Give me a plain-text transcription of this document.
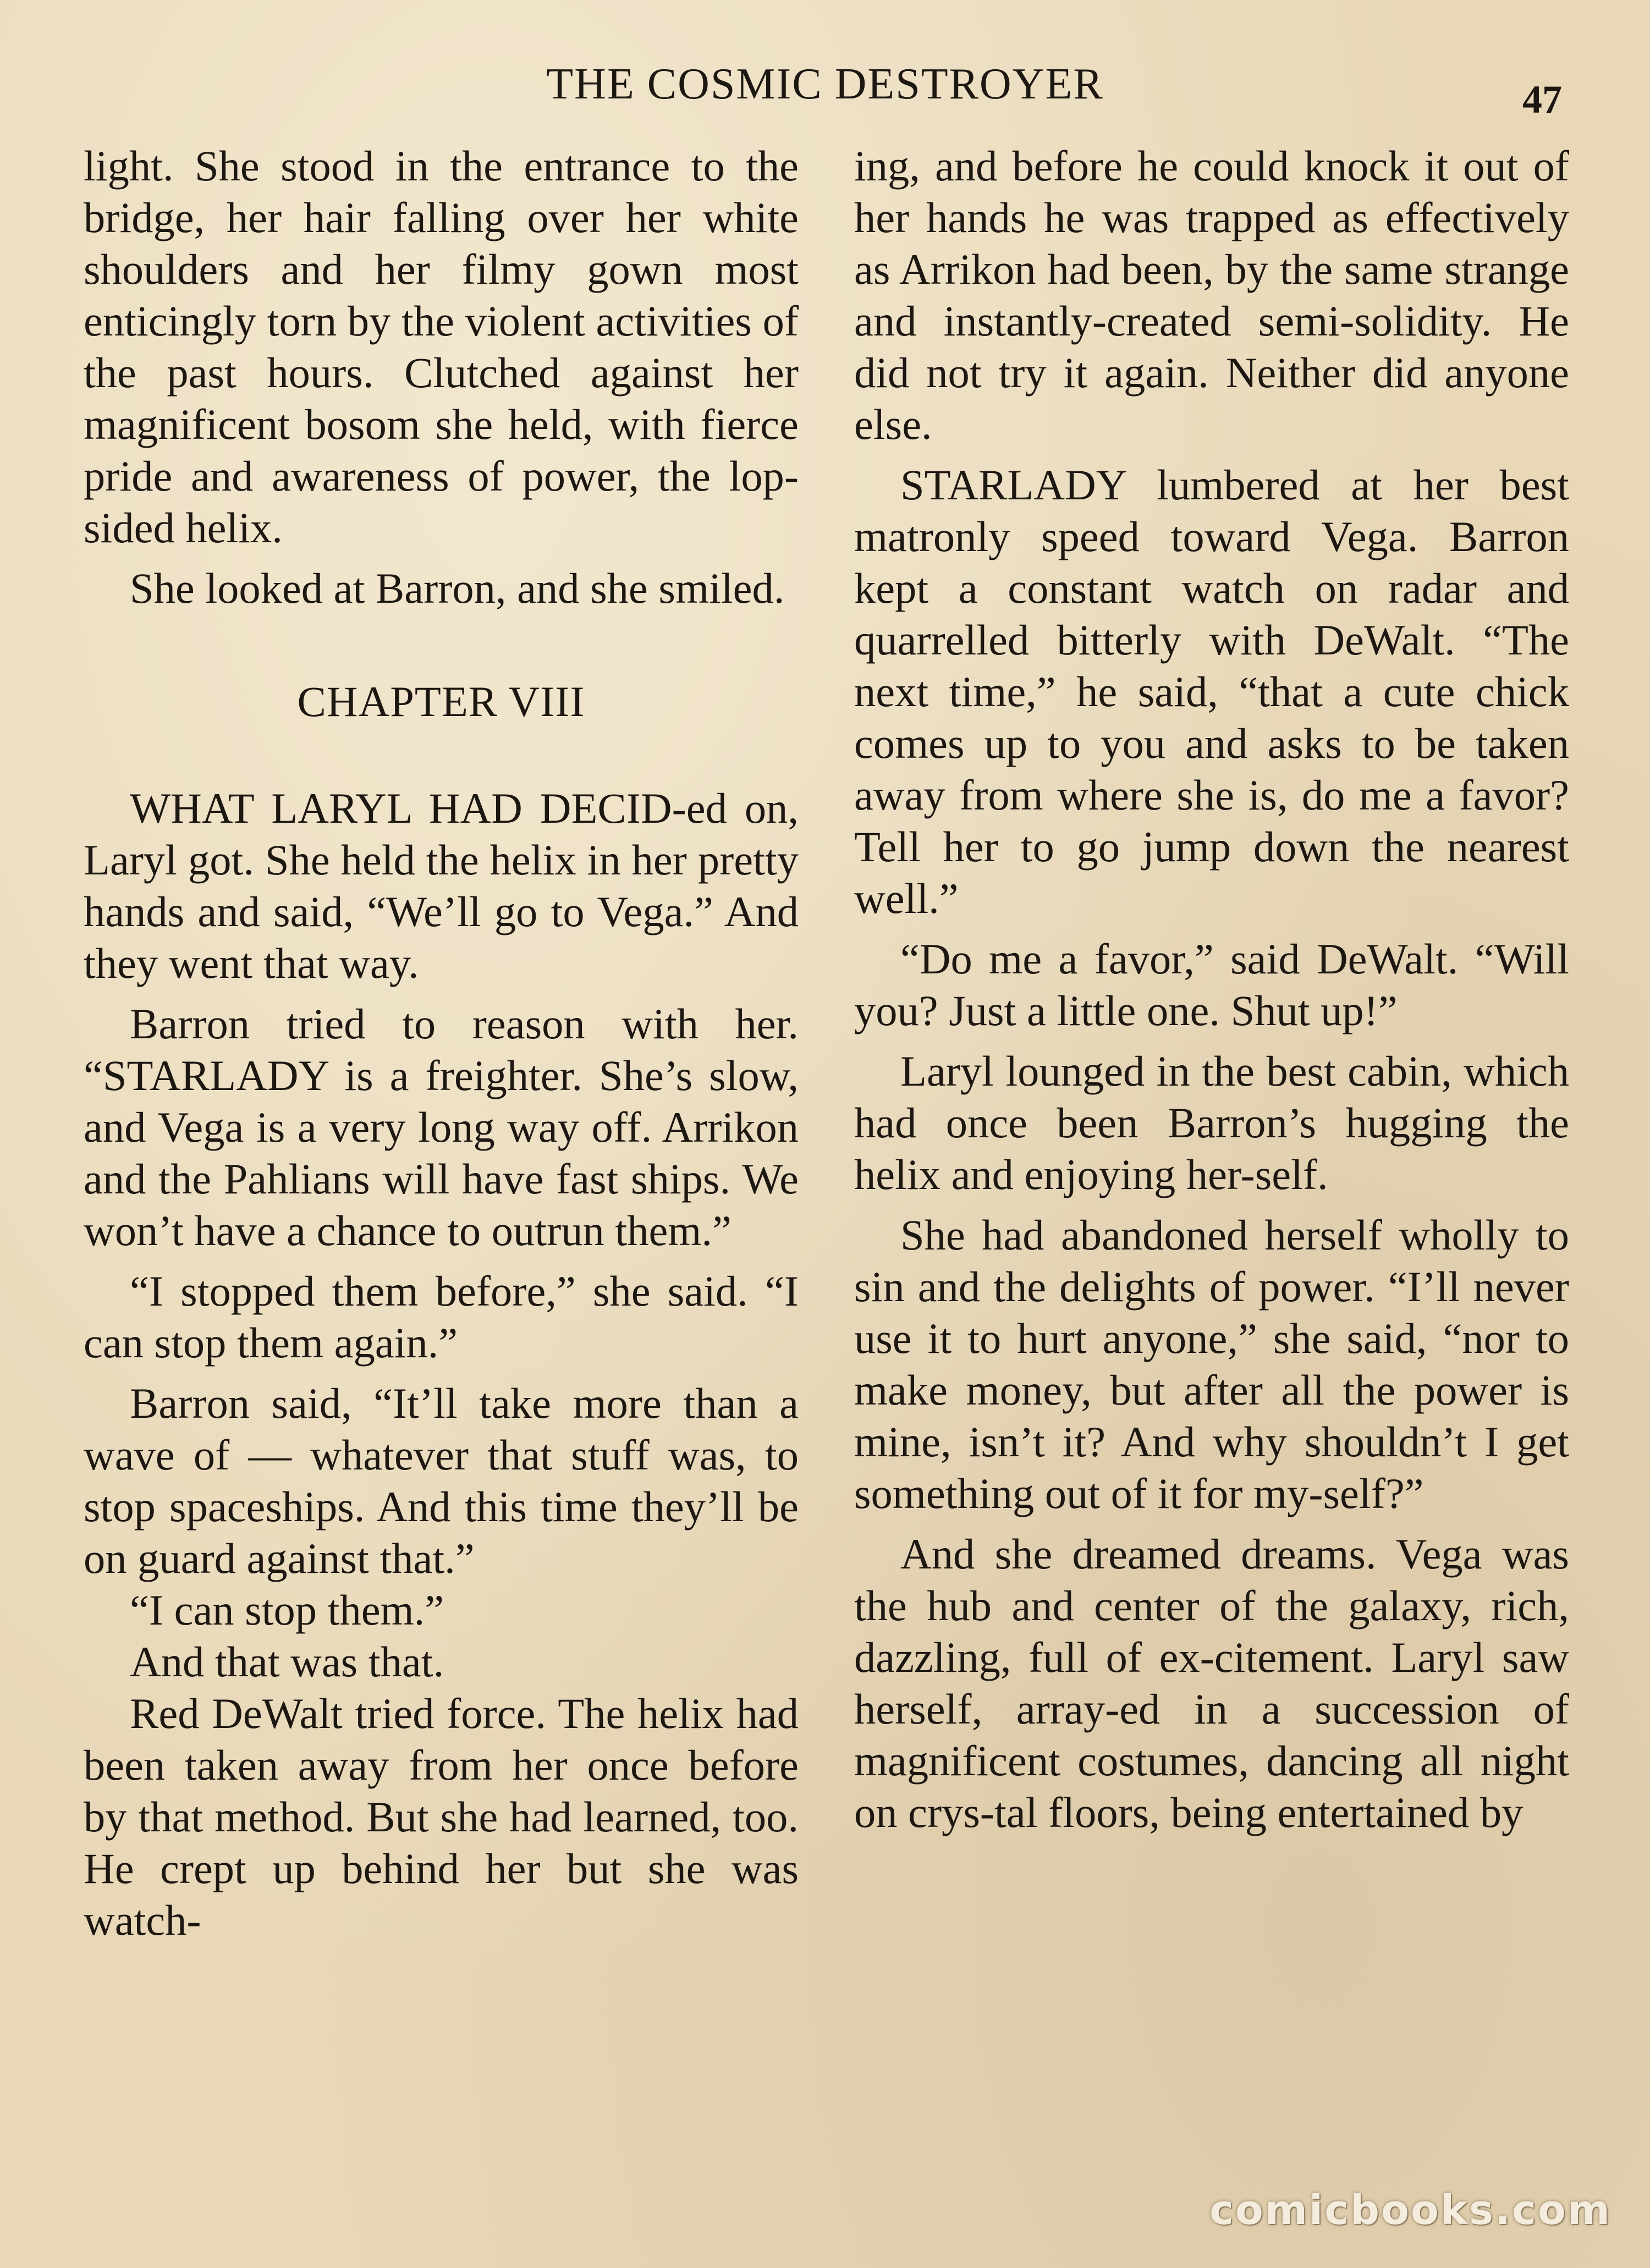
THE COSMIC DESTROYER	47

light. She stood in the entrance to the bridge, her hair falling over her white shoulders and her filmy gown most enticingly torn by the violent activities of the past hours. Clutched against her magnificent bosom she held, with fierce pride and awareness of power, the lop-sided helix.

She looked at Barron, and she smiled.

CHAPTER VIII

WHAT LARYL HAD DECID-ed on, Laryl got. She held the helix in her pretty hands and said, “We’ll go to Vega.” And they went that way.

Barron tried to reason with her. “STARLADY is a freighter. She’s slow, and Vega is a very long way off. Arrikon and the Pahlians will have fast ships. We won’t have a chance to outrun them.”

“I stopped them before,” she said. “I can stop them again.”

Barron said, “It’ll take more than a wave of — whatever that stuff was, to stop spaceships. And this time they’ll be on guard against that.”

“I can stop them.”

And that was that.

Red DeWalt tried force. The helix had been taken away from her once before by that method. But she had learned, too. He crept up behind her but she was watch-

ing, and before he could knock it out of her hands he was trapped as effectively as Arrikon had been, by the same strange and instantly-created semi-solidity. He did not try it again. Neither did anyone else.

STARLADY lumbered at her best matronly speed toward Vega. Barron kept a constant watch on radar and quarrelled bitterly with DeWalt. “The next time,” he said, “that a cute chick comes up to you and asks to be taken away from where she is, do me a favor? Tell her to go jump down the nearest well.”

“Do me a favor,” said DeWalt. “Will you? Just a little one. Shut up!”

Laryl lounged in the best cabin, which had once been Barron’s hugging the helix and enjoying her-self.

She had abandoned herself wholly to sin and the delights of power. “I’ll never use it to hurt anyone,” she said, “nor to make money, but after all the power is mine, isn’t it? And why shouldn’t I get something out of it for my-self?”

And she dreamed dreams. Vega was the hub and center of the galaxy, rich, dazzling, full of ex-citement. Laryl saw herself, array-ed in a succession of magnificent costumes, dancing all night on crys-tal floors, being entertained by

comicbooks.com
